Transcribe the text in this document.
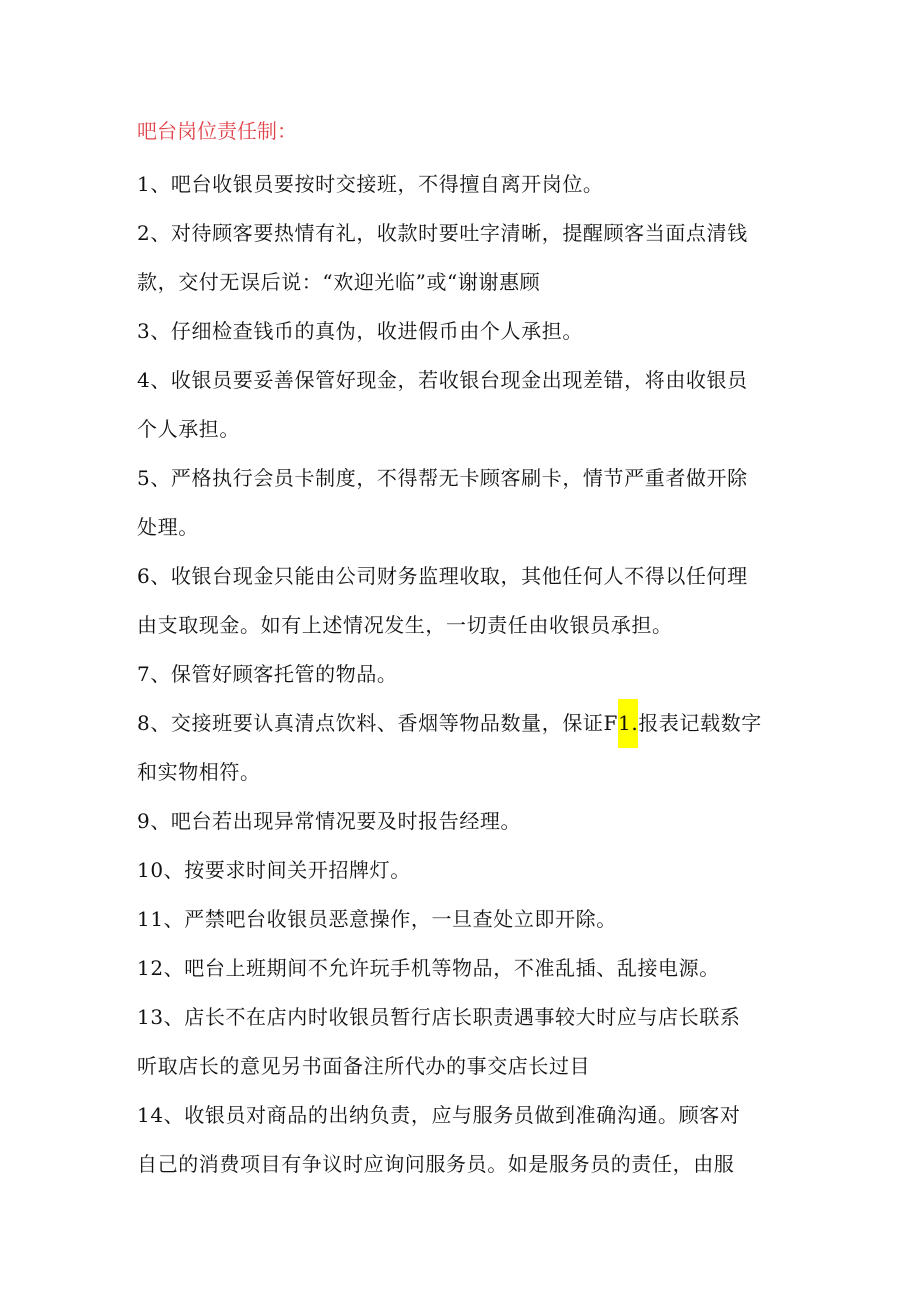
吧台岗位责任制：
1、吧台收银员要按时交接班，不得擅自离开岗位。
2、对待顾客要热情有礼，收款时要吐字清晰，提醒顾客当面点清钱
款，交付无误后说：“欢迎光临”或“谢谢惠顾
3、仔细检查钱币的真伪，收进假币由个人承担。
4、收银员要妥善保管好现金，若收银台现金出现差错，将由收银员
个人承担。
5、严格执行会员卡制度，不得帮无卡顾客刷卡，情节严重者做开除
处理。
6、收银台现金只能由公司财务监理收取，其他任何人不得以任何理
由支取现金。如有上述情况发生，一切责任由收银员承担。
7、保管好顾客托管的物品。
8、交接班要认真清点饮料、香烟等物品数量，保证F1.报表记载数字
和实物相符。
9、吧台若出现异常情况要及时报告经理。
10、按要求时间关开招牌灯。
11、严禁吧台收银员恶意操作，一旦查处立即开除。
12、吧台上班期间不允许玩手机等物品，不准乱插、乱接电源。
13、店长不在店内时收银员暂行店长职责遇事较大时应与店长联系
听取店长的意见另书面备注所代办的事交店长过目
14、收银员对商品的出纳负责，应与服务员做到准确沟通。顾客对
自己的消费项目有争议时应询问服务员。如是服务员的责任，由服
